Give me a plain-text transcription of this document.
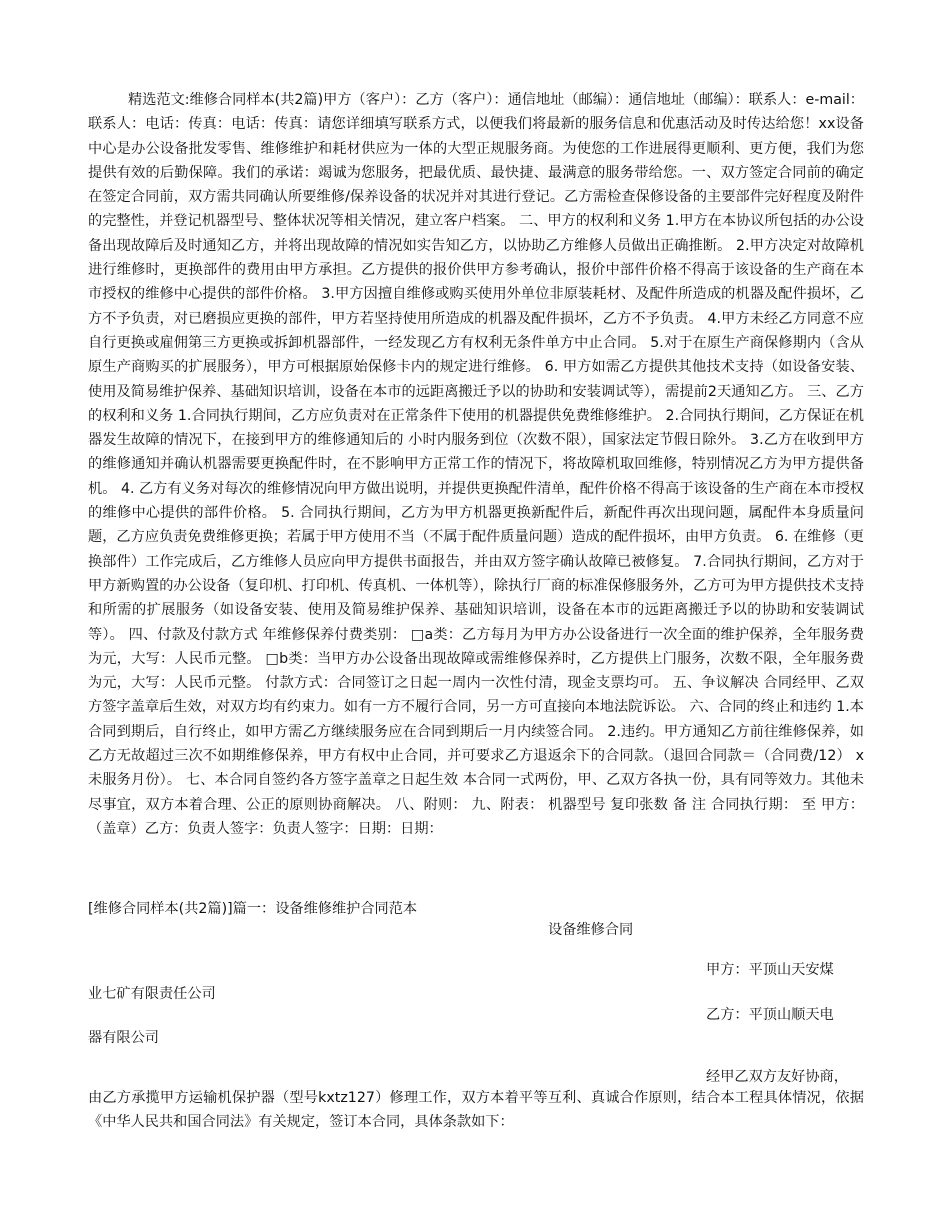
精选范文:维修合同样本(共2篇)甲方（客户）：乙方（客户）：通信地址（邮编）：通信地址（邮编）：联系人：e-mail：联系人：电话：传真：电话：传真：请您详细填写联系方式，以便我们将最新的服务信息和优惠活动及时传达给您！xx设备中心是办公设备批发零售、维修维护和耗材供应为一体的大型正规服务商。为使您的工作进展得更顺利、更方便，我们为您提供有效的后勤保障。我们的承诺：竭诚为您服务，把最优质、最快捷、最满意的服务带给您。一、双方签定合同前的确定 在签定合同前，双方需共同确认所要维修/保养设备的状况并对其进行登记。乙方需检查保修设备的主要部件完好程度及附件的完整性，并登记机器型号、整体状况等相关情况，建立客户档案。 二、甲方的权利和义务 1.甲方在本协议所包括的办公设备出现故障后及时通知乙方，并将出现故障的情况如实告知乙方，以协助乙方维修人员做出正确推断。 2.甲方决定对故障机进行维修时，更换部件的费用由甲方承担。乙方提供的报价供甲方参考确认，报价中部件价格不得高于该设备的生产商在本市授权的维修中心提供的部件价格。 3.甲方因擅自维修或购买使用外单位非原装耗材、及配件所造成的机器及配件损坏，乙方不予负责，对已磨损应更换的部件，甲方若坚持使用所造成的机器及配件损坏，乙方不予负责。 4.甲方未经乙方同意不应自行更换或雇佣第三方更换或拆卸机器部件，一经发现乙方有权利无条件单方中止合同。 5.对于在原生产商保修期内（含从原生产商购买的扩展服务），甲方可根据原始保修卡内的规定进行维修。 6. 甲方如需乙方提供其他技术支持（如设备安装、使用及简易维护保养、基础知识培训，设备在本市的远距离搬迁予以的协助和安装调试等），需提前2天通知乙方。 三、乙方的权利和义务 1.合同执行期间，乙方应负责对在正常条件下使用的机器提供免费维修维护。 2.合同执行期间，乙方保证在机器发生故障的情况下，在接到甲方的维修通知后的 小时内服务到位（次数不限），国家法定节假日除外。 3.乙方在收到甲方的维修通知并确认机器需要更换配件时，在不影响甲方正常工作的情况下，将故障机取回维修，特别情况乙方为甲方提供备机。 4. 乙方有义务对每次的维修情况向甲方做出说明，并提供更换配件清单，配件价格不得高于该设备的生产商在本市授权的维修中心提供的部件价格。 5. 合同执行期间，乙方为甲方机器更换新配件后，新配件再次出现问题，属配件本身质量问题，乙方应负责免费维修更换；若属于甲方使用不当（不属于配件质量问题）造成的配件损坏，由甲方负责。 6. 在维修（更换部件）工作完成后，乙方维修人员应向甲方提供书面报告，并由双方签字确认故障已被修复。 7.合同执行期间，乙方对于甲方新购置的办公设备（复印机、打印机、传真机、一体机等），除执行厂商的标准保修服务外，乙方可为甲方提供技术支持和所需的扩展服务（如设备安装、使用及简易维护保养、基础知识培训，设备在本市的远距离搬迁予以的协助和安装调试等）。 四、付款及付款方式 年维修保养付费类别： □a类：乙方每月为甲方办公设备进行一次全面的维护保养，全年服务费为元，大写：人民币元整。 □b类：当甲方办公设备出现故障或需维修保养时，乙方提供上门服务，次数不限，全年服务费为元，大写：人民币元整。 付款方式：合同签订之日起一周内一次性付清，现金支票均可。 五、争议解决 合同经甲、乙双方签字盖章后生效，对双方均有约束力。如有一方不履行合同，另一方可直接向本地法院诉讼。 六、合同的终止和违约 1.本合同到期后，自行终止，如甲方需乙方继续服务应在合同到期后一月内续签合同。 2.违约。甲方通知乙方前往维修保养，如乙方无故超过三次不如期维修保养，甲方有权中止合同，并可要求乙方退返余下的合同款。（退回合同款＝（合同费/12） x未服务月份）。 七、本合同自签约各方签字盖章之日起生效 本合同一式两份，甲、乙双方各执一份，具有同等效力。其他未尽事宜，双方本着合理、公正的原则协商解决。 八、附则： 九、附表： 机器型号 复印张数 备 注 合同执行期： 至 甲方：（盖章）乙方：负责人签字：负责人签字：日期：日期：

[维修合同样本(共2篇)]篇一：设备维修维护合同范本

设备维修合同

甲方：平顶山天安煤

业七矿有限责任公司

乙方：平顶山顺天电

器有限公司

经甲乙双方友好协商，

由乙方承揽甲方运输机保护器（型号kxtz127）修理工作，双方本着平等互利、真诚合作原则，结合本工程具体情况，依据《中华人民共和国合同法》有关规定，签订本合同，具体条款如下：
